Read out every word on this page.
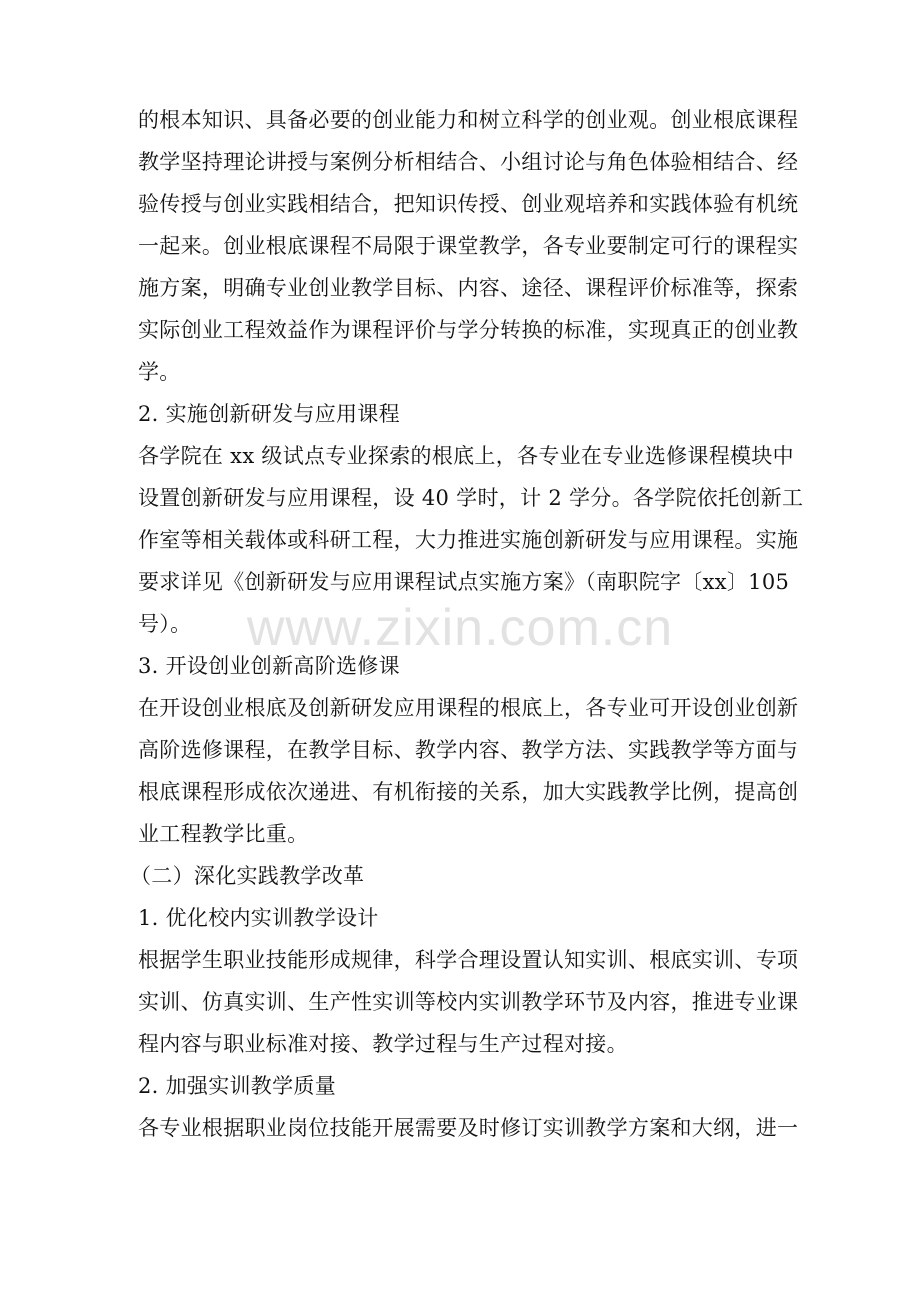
的根本知识、具备必要的创业能力和树立科学的创业观。创业根底课程
教学坚持理论讲授与案例分析相结合、小组讨论与角色体验相结合、经
验传授与创业实践相结合，把知识传授、创业观培养和实践体验有机统
一起来。创业根底课程不局限于课堂教学，各专业要制定可行的课程实
施方案，明确专业创业教学目标、内容、途径、课程评价标准等，探索
实际创业工程效益作为课程评价与学分转换的标准，实现真正的创业教
学。
2. 实施创新研发与应用课程
各学院在 xx 级试点专业探索的根底上，各专业在专业选修课程模块中
设置创新研发与应用课程，设 40 学时，计 2 学分。各学院依托创新工
作室等相关载体或科研工程，大力推进实施创新研发与应用课程。实施
要求详见《创新研发与应用课程试点实施方案》（南职院字〔xx〕105
号）。
3. 开设创业创新高阶选修课
在开设创业根底及创新研发应用课程的根底上，各专业可开设创业创新
高阶选修课程，在教学目标、教学内容、教学方法、实践教学等方面与
根底课程形成依次递进、有机衔接的关系，加大实践教学比例，提高创
业工程教学比重。
（二）深化实践教学改革
1. 优化校内实训教学设计
根据学生职业技能形成规律，科学合理设置认知实训、根底实训、专项
实训、仿真实训、生产性实训等校内实训教学环节及内容，推进专业课
程内容与职业标准对接、教学过程与生产过程对接。
2. 加强实训教学质量
各专业根据职业岗位技能开展需要及时修订实训教学方案和大纲，进一
www.zixin.com.cn
